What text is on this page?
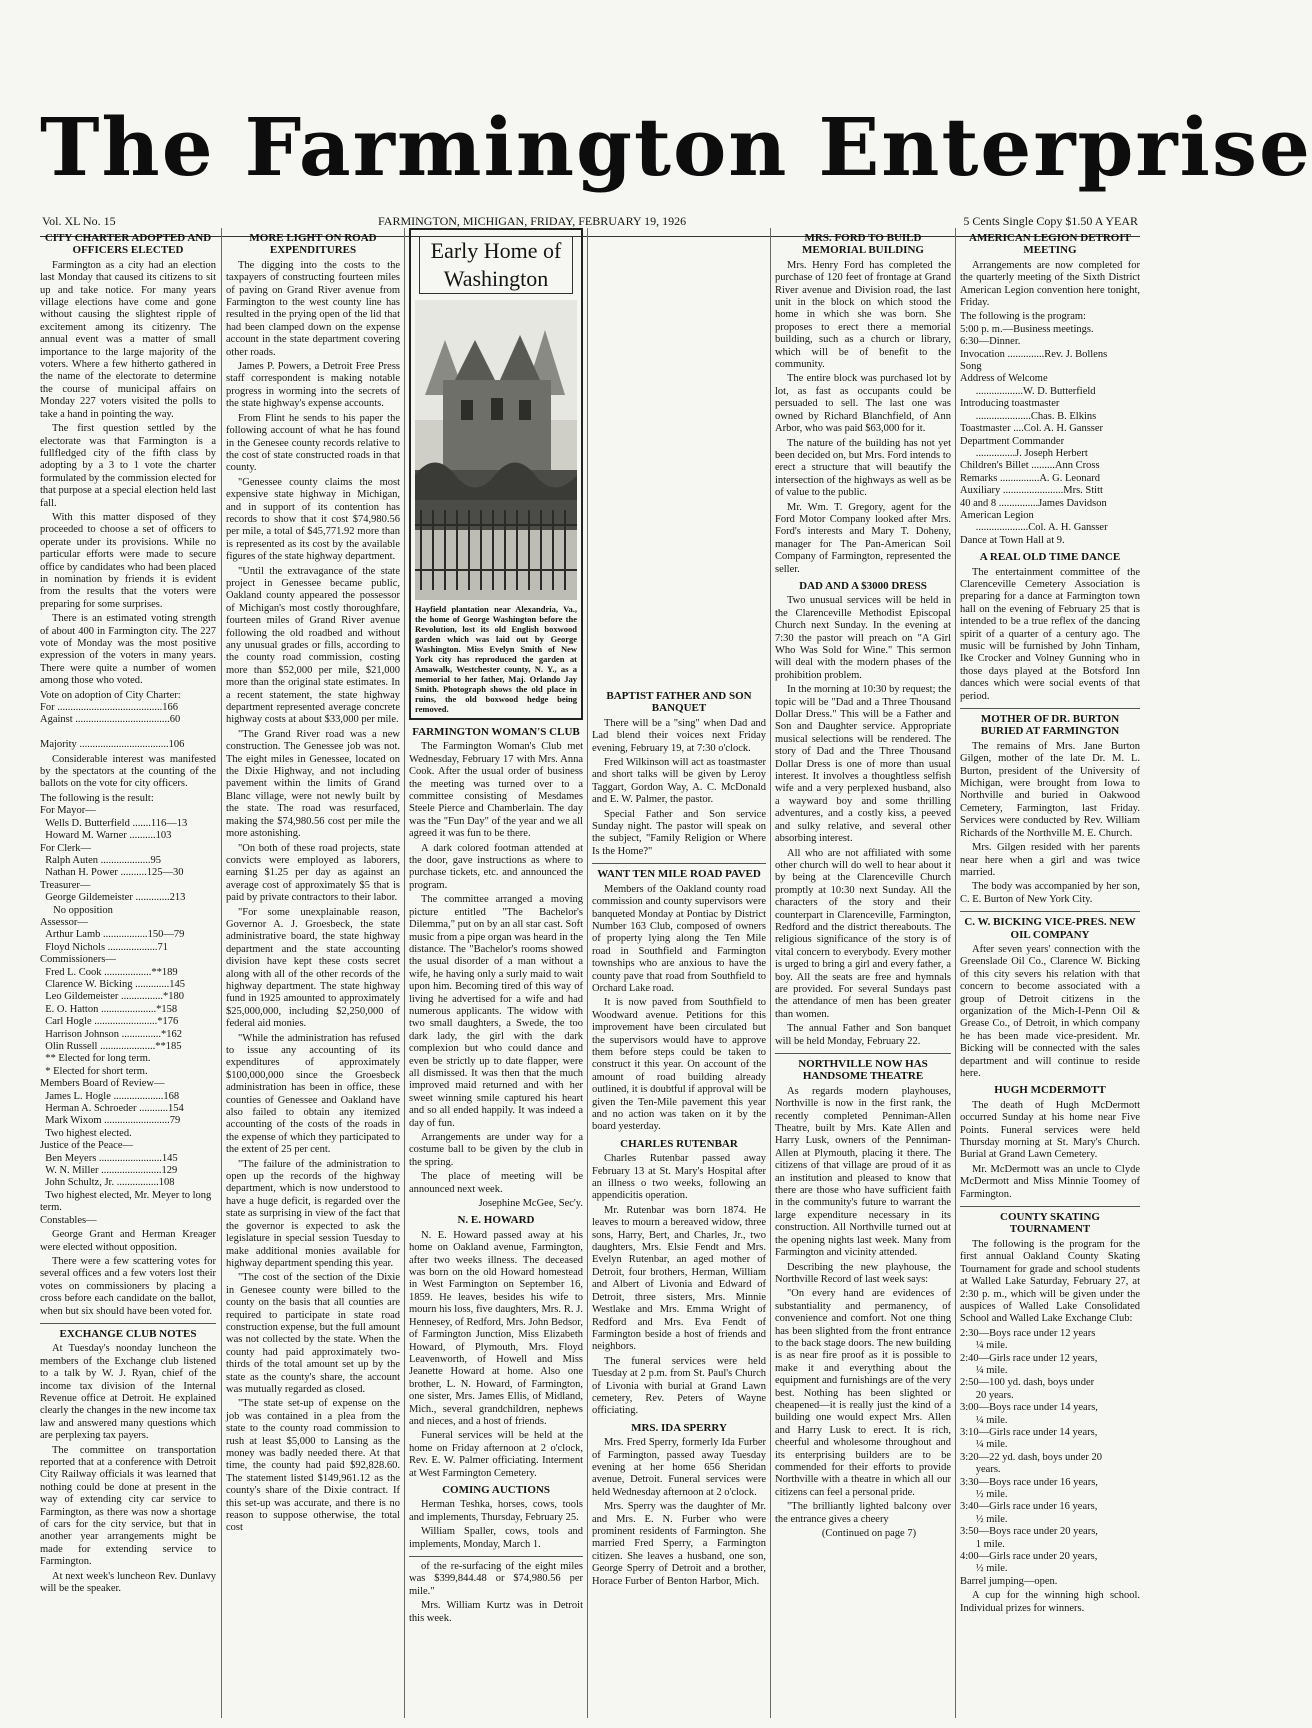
The Farmington Enterprise
Vol. XL No. 15	FARMINGTON, MICHIGAN, FRIDAY, FEBRUARY 19, 1926	5 Cents Single Copy $1.50 A YEAR
CITY CHARTER ADOPTED AND OFFICERS ELECTED

Farmington as a city had an election last Monday that caused its citizens to sit up and take notice. For many years village elections have come and gone without causing the slightest ripple of excitement among its citizenry. The annual event was a matter of small importance to the large majority of the voters. Where a few hitherto gathered in the name of the electorate to determine the course of municipal affairs on Monday 227 voters visited the polls to take a hand in pointing the way.

The first question settled by the electorate was that Farmington is a fullfledged city of the fifth class by adopting by a 3 to 1 vote the charter formulated by the commission elected for that purpose at a special election held last fall.

With this matter disposed of they proceeded to choose a set of officers to operate under its provisions. While no particular efforts were made to secure office by candidates who had been placed in nomination by friends it is evident from the results that the voters were preparing for some surprises.

There is an estimated voting strength of about 400 in Farmington city. The 227 vote of Monday was the most positive expression of the voters in many years. There were quite a number of women among those who voted.

Vote on adoption of City Charter:
For ........................................166
Against ....................................60

Majority ..................................106

Considerable interest was manifested by the spectators at the counting of the ballots on the vote for city officers.

The following is the result:
For Mayor—
Wells D. Butterfield .......116—13
Howard M. Warner ..........103
For Clerk—
Ralph Auten ...................95
Nathan H. Power ..........125—30
Treasurer—
George Gildemeister .............213
No opposition
Assessor—
Arthur Lamb .................150—79
Floyd Nichols ...................71
Commissioners—
Fred L. Cook ..................**189
Clarence W. Bicking .............145
Leo Gildemeister ................*180
E. O. Hatton .....................*158
Carl Hogle ........................*176
Harrison Johnson ...............*162
Olin Russell .....................**185
** Elected for long term.
* Elected for short term.
Members Board of Review—
James L. Hogle ...................168
Herman A. Schroeder ...........154
Mark Wixom .........................79
Two highest elected.
Justice of the Peace—
Ben Meyers ........................145
W. N. Miller .......................129
John Schultz, Jr. ................108
Two highest elected, Mr. Meyer to long term.
Constables—

George Grant and Herman Kreager were elected without opposition.

There were a few scattering votes for several offices and a few voters lost their votes on commissioners by placing a cross before each candidate on the ballot, when but six should have been voted for.

EXCHANGE CLUB NOTES

At Tuesday's noonday luncheon the members of the Exchange club listened to a talk by W. J. Ryan, chief of the income tax division of the Internal Revenue office at Detroit. He explained clearly the changes in the new income tax law and answered many questions which are perplexing tax payers.

The committee on transportation reported that at a conference with Detroit City Railway officials it was learned that nothing could be done at present in the way of extending city car service to Farmington, as there was now a shortage of cars for the city service, but that in another year arrangements might be made for extending service to Farmington.

At next week's luncheon Rev. Dunlavy will be the speaker.

MORE LIGHT ON ROAD EXPENDITURES

The digging into the costs to the taxpayers of constructing fourteen miles of paving on Grand River avenue from Farmington to the west county line has resulted in the prying open of the lid that had been clamped down on the expense account in the state department covering other roads.

James P. Powers, a Detroit Free Press staff correspondent is making notable progress in worming into the secrets of the state highway's expense accounts.

From Flint he sends to his paper the following account of what he has found in the Genesee county records relative to the cost of state constructed roads in that county.

"Genessee county claims the most expensive state highway in Michigan, and in support of its contention has records to show that it cost $74,980.56 per mile, a total of $45,771.92 more than is represented as its cost by the available figures of the state highway department.

"Until the extravagance of the state project in Genessee became public, Oakland county appeared the possessor of Michigan's most costly thoroughfare, fourteen miles of Grand River avenue following the old roadbed and without any unusual grades or fills, according to the county road commission, costing more than $52,000 per mile, $21,000 more than the original state estimates. In a recent statement, the state highway department represented average concrete highway costs at about $33,000 per mile.

"The Grand River road was a new construction. The Genessee job was not. The eight miles in Genessee, located on the Dixie Highway, and not including pavement within the limits of Grand Blanc village, were not newly built by the state. The road was resurfaced, making the $74,980.56 cost per mile the more astonishing.

"On both of these road projects, state convicts were employed as laborers, earning $1.25 per day as against an average cost of approximately $5 that is paid by private contractors to their labor.

"For some unexplainable reason, Governor A. J. Groesbeck, the state administrative board, the state highway department and the state accounting division have kept these costs secret along with all of the other records of the highway department. The state highway fund in 1925 amounted to approximately $25,000,000, including $2,250,000 of federal aid monies.

"While the administration has refused to issue any accounting of its expenditures of approximately $100,000,000 since the Groesbeck administration has been in office, these counties of Genessee and Oakland have also failed to obtain any itemized accounting of the costs of the roads in the expense of which they participated to the extent of 25 per cent.

"The failure of the administration to open up the records of the highway department, which is now understood to have a huge deficit, is regarded over the state as surprising in view of the fact that the governor is expected to ask the legislature in special session Tuesday to make additional monies available for highway department spending this year.

"The cost of the section of the Dixie in Genesee county were billed to the county on the basis that all counties are required to participate in state road construction expense, but the full amount was not collected by the state. When the county had paid approximately two-thirds of the total amount set up by the state as the county's share, the account was mutually regarded as closed.

"The state set-up of expense on the job was contained in a plea from the state to the county road commission to rush at least $5,000 to Lansing as the money was badly needed there. At that time, the county had paid $92,828.60. The statement listed $149,961.12 as the county's share of the Dixie contract. If this set-up was accurate, and there is no reason to suppose otherwise, the total cost

Early Home of Washington
Hayfield plantation near Alexandria, Va., the home of George Washington before the Revolution, lost its old English boxwood garden which was laid out by George Washington. Miss Evelyn Smith of New York city has reproduced the garden at Amawalk, Westchester county, N. Y., as a memorial to her father, Maj. Orlando Jay Smith. Photograph shows the old place in ruins, the old boxwood hedge being removed.
FARMINGTON WOMAN'S CLUB

The Farmington Woman's Club met Wednesday, February 17 with Mrs. Anna Cook. After the usual order of business the meeting was turned over to a committee consisting of Mesdames Steele Pierce and Chamberlain. The day was the "Fun Day" of the year and we all agreed it was fun to be there.

A dark colored footman attended at the door, gave instructions as where to purchase tickets, etc. and announced the program.

The committee arranged a moving picture entitled "The Bachelor's Dilemma," put on by an all star cast. Soft music from a pipe organ was heard in the distance. The "Bachelor's rooms showed the usual disorder of a man without a wife, he having only a surly maid to wait upon him. Becoming tired of this way of living he advertised for a wife and had numerous applicants. The widow with two small daughters, a Swede, the too dark lady, the girl with the dark complexion but who could dance and even be strictly up to date flapper, were all dismissed. It was then that the much improved maid returned and with her sweet winning smile captured his heart and so all ended happily. It was indeed a day of fun.

Arrangements are under way for a costume ball to be given by the club in the spring.

The place of meeting will be announced next week.

Josephine McGee, Sec'y.

N. E. HOWARD

N. E. Howard passed away at his home on Oakland avenue, Farmington, after two weeks illness. The deceased was born on the old Howard homestead in West Farmington on September 16, 1859. He leaves, besides his wife to mourn his loss, five daughters, Mrs. R. J. Hennesey, of Redford, Mrs. John Bedsor, of Farmington Junction, Miss Elizabeth Howard, of Plymouth, Mrs. Floyd Leavenworth, of Howell and Miss Jeanette Howard at home. Also one brother, L. N. Howard, of Farmington, one sister, Mrs. James Ellis, of Midland, Mich., several grandchildren, nephews and nieces, and a host of friends.

Funeral services will be held at the home on Friday afternoon at 2 o'clock, Rev. E. W. Palmer officiating. Interment at West Farmington Cemetery.

COMING AUCTIONS

Herman Teshka, horses, cows, tools and implements, Thursday, February 25.

William Spaller, cows, tools and implements, Monday, March 1.

of the re-surfacing of the eight miles was $399,844.48 or $74,980.56 per mile."

Mrs. William Kurtz was in Detroit this week.

BAPTIST FATHER AND SON BANQUET

There will be a "sing" when Dad and Lad blend their voices next Friday evening, February 19, at 7:30 o'clock.

Fred Wilkinson will act as toastmaster and short talks will be given by Leroy Taggart, Gordon Way, A. C. McDonald and E. W. Palmer, the pastor.

Special Father and Son service Sunday night. The pastor will speak on the subject, "Family Religion or Where Is the Home?"

WANT TEN MILE ROAD PAVED

Members of the Oakland county road commission and county supervisors were banqueted Monday at Pontiac by District Number 163 Club, composed of owners of property lying along the Ten Mile road in Southfield and Farmington townships who are anxious to have the county pave that road from Southfield to Orchard Lake road.

It is now paved from Southfield to Woodward avenue. Petitions for this improvement have been circulated but the supervisors would have to approve them before steps could be taken to construct it this year. On account of the amount of road building already outlined, it is doubtful if approval will be given the Ten-Mile pavement this year and no action was taken on it by the board yesterday.

CHARLES RUTENBAR

Charles Rutenbar passed away February 13 at St. Mary's Hospital after an illness o two weeks, following an appendicitis operation.

Mr. Rutenbar was born 1874. He leaves to mourn a bereaved widow, three sons, Harry, Bert, and Charles, Jr., two daughters, Mrs. Elsie Fendt and Mrs. Evelyn Rutenbar, an aged mother of Detroit, four brothers, Herman, William and Albert of Livonia and Edward of Detroit, three sisters, Mrs. Minnie Westlake and Mrs. Emma Wright of Redford and Mrs. Eva Fendt of Farmington beside a host of friends and neighbors.

The funeral services were held Tuesday at 2 p.m. from St. Paul's Church of Livonia with burial at Grand Lawn cemetery, Rev. Peters of Wayne officiating.

MRS. IDA SPERRY

Mrs. Fred Sperry, formerly Ida Furber of Farmington, passed away Tuesday evening at her home 656 Sheridan avenue, Detroit. Funeral services were held Wednesday afternoon at 2 o'clock.

Mrs. Sperry was the daughter of Mr. and Mrs. E. N. Furber who were prominent residents of Farmington. She married Fred Sperry, a Farmington citizen. She leaves a husband, one son, George Sperry of Detroit and a brother, Horace Furber of Benton Harbor, Mich.

MRS. FORD TO BUILD MEMORIAL BUILDING

Mrs. Henry Ford has completed the purchase of 120 feet of frontage at Grand River avenue and Division road, the last unit in the block on which stood the home in which she was born. She proposes to erect there a memorial building, such as a church or library, which will be of benefit to the community.

The entire block was purchased lot by lot, as fast as occupants could be persuaded to sell. The last one was owned by Richard Blanchfield, of Ann Arbor, who was paid $63,000 for it.

The nature of the building has not yet been decided on, but Mrs. Ford intends to erect a structure that will beautify the intersection of the highways as well as be of value to the public.

Mr. Wm. T. Gregory, agent for the Ford Motor Company looked after Mrs. Ford's interests and Mary T. Doheny, manager for The Pan-American Soil Company of Farmington, represented the seller.

DAD AND A $3000 DRESS

Two unusual services will be held in the Clarenceville Methodist Episcopal Church next Sunday. In the evening at 7:30 the pastor will preach on "A Girl Who Was Sold for Wine." This sermon will deal with the modern phases of the prohibition problem.

In the morning at 10:30 by request; the topic will be "Dad and a Three Thousand Dollar Dress." This will be a Father and Son and Daughter service. Appropriate musical selections will be rendered. The story of Dad and the Three Thousand Dollar Dress is one of more than usual interest. It involves a thoughtless selfish wife and a very perplexed husband, also a wayward boy and some thrilling adventures, and a costly kiss, a peeved and sulky relative, and several other absorbing interest.

All who are not affiliated with some other church will do well to hear about it by being at the Clarenceville Church promptly at 10:30 next Sunday. All the characters of the story and their counterpart in Clarenceville, Farmington, Redford and the district thereabouts. The religious significance of the story is of vital concern to everybody. Every mother is urged to bring a girl and every father, a boy. All the seats are free and hymnals are provided. For several Sundays past the attendance of men has been greater than women.

The annual Father and Son banquet will be held Monday, February 22.

NORTHVILLE NOW HAS HANDSOME THEATRE

As regards modern playhouses, Northville is now in the first rank, the recently completed Penniman-Allen Theatre, built by Mrs. Kate Allen and Harry Lusk, owners of the Penniman-Allen at Plymouth, placing it there. The citizens of that village are proud of it as an institution and pleased to know that there are those who have sufficient faith in the community's future to warrant the large expenditure necessary in its construction. All Northville turned out at the opening nights last week. Many from Farmington and vicinity attended.

Describing the new playhouse, the Northville Record of last week says:

"On every hand are evidences of substantiality and permanency, of convenience and comfort. Not one thing has been slighted from the front entrance to the back stage doors. The new building is as near fire proof as it is possible to make it and everything about the equipment and furnishings are of the very best. Nothing has been slighted or cheapened—it is really just the kind of a building one would expect Mrs. Allen and Harry Lusk to erect. It is rich, cheerful and wholesome throughout and its enterprising builders are to be commended for their efforts to provide Northville with a theatre in which all our citizens can feel a personal pride.

"The brilliantly lighted balcony over the entrance gives a cheery

(Continued on page 7)

AMERICAN LEGION DETROIT MEETING

Arrangements are now completed for the quarterly meeting of the Sixth District American Legion convention here tonight, Friday.

The following is the program:
5:00 p. m.—Business meetings.
6:30—Dinner.
Invocation ..............Rev. J. Bollens
Song
Address of Welcome
..................W. D. Butterfield
Introducing toastmaster
.....................Chas. B. Elkins
Toastmaster ....Col. A. H. Gansser
Department Commander
...............J. Joseph Herbert
Children's Billet .........Ann Cross
Remarks ...............A. G. Leonard
Auxiliary .......................Mrs. Stitt
40 and 8 ...............James Davidson
American Legion
....................Col. A. H. Gansser
Dance at Town Hall at 9.

A REAL OLD TIME DANCE

The entertainment committee of the Clarenceville Cemetery Association is preparing for a dance at Farmington town hall on the evening of February 25 that is intended to be a true reflex of the dancing spirit of a quarter of a century ago. The music will be furnished by John Tinham, Ike Crocker and Volney Gunning who in those days played at the Botsford Inn dances which were social events of that period.

MOTHER OF DR. BURTON BURIED AT FARMINGTON

The remains of Mrs. Jane Burton Gilgen, mother of the late Dr. M. L. Burton, president of the University of Michigan, were brought from Iowa to Northville and buried in Oakwood Cemetery, Farmington, last Friday. Services were conducted by Rev. William Richards of the Northville M. E. Church.

Mrs. Gilgen resided with her parents near here when a girl and was twice married.

The body was accompanied by her son, C. E. Burton of New York City.

C. W. BICKING VICE-PRES. NEW OIL COMPANY

After seven years' connection with the Greenslade Oil Co., Clarence W. Bicking of this city severs his relation with that concern to become associated with a group of Detroit citizens in the organization of the Mich-I-Penn Oil & Grease Co., of Detroit, in which company he has been made vice-president. Mr. Bicking will be connected with the sales department and will continue to reside here.

HUGH MCDERMOTT

The death of Hugh McDermott occurred Sunday at his home near Five Points. Funeral services were held Thursday morning at St. Mary's Church. Burial at Grand Lawn Cemetery.

Mr. McDermott was an uncle to Clyde McDermott and Miss Minnie Toomey of Farmington.

COUNTY SKATING TOURNAMENT

The following is the program for the first annual Oakland County Skating Tournament for grade and school students at Walled Lake Saturday, February 27, at 2:30 p. m., which will be given under the auspices of Walled Lake Consolidated School and Walled Lake Exchange Club:

2:30—Boys race under 12 years
¼ mile.
2:40—Girls race under 12 years,
¼ mile.
2:50—100 yd. dash, boys under
20 years.
3:00—Boys race under 14 years,
¼ mile.
3:10—Girls race under 14 years,
¼ mile.
3:20—22 yd. dash, boys under 20
years.
3:30—Boys race under 16 years,
½ mile.
3:40—Girls race under 16 years,
½ mile.
3:50—Boys race under 20 years,
1 mile.
4:00—Girls race under 20 years,
½ mile.
Barrel jumping—open.

A cup for the winning high school. Individual prizes for winners.
